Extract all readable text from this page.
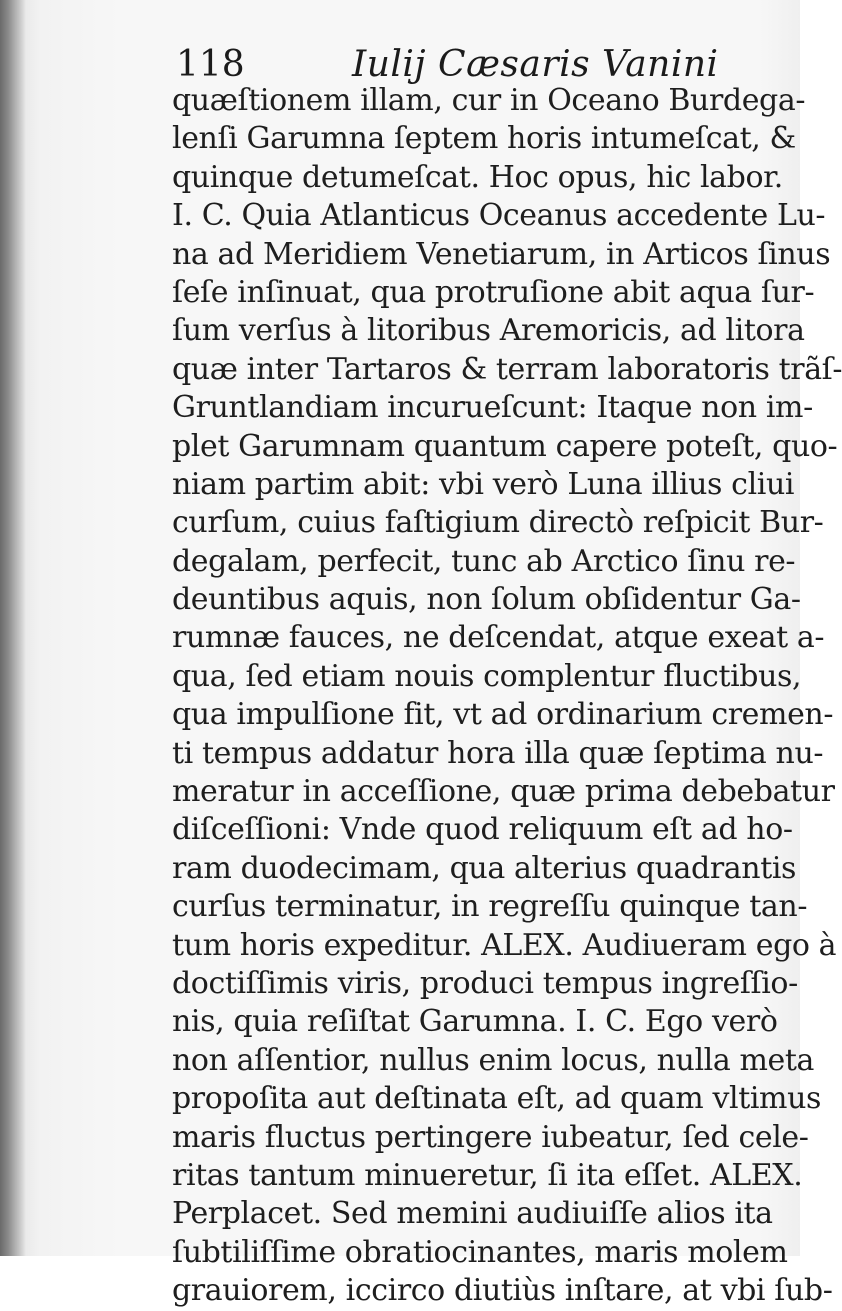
118	Iulij Cæsaris Vanini
quæſtionem illam, cur in Oceano Burdega-
lenſi Garumna ſeptem horis intumeſcat, &
quinque detumeſcat. Hoc opus, hic labor.
I. C. Quia Atlanticus Oceanus accedente Lu-
na ad Meridiem Venetiarum, in Articos ſinus
ſeſe inſinuat, qua protruſione abit aqua ſur-
ſum verſus à litoribus Aremoricis, ad litora
quæ inter Tartaros & terram laboratoris trãſ-
Gruntlandiam incurueſcunt: Itaque non im-
plet Garumnam quantum capere poteſt, quo-
niam partim abit: vbi verò Luna illius cliui
curſum, cuius faſtigium directò reſpicit Bur-
degalam, perfecit, tunc ab Arctico ſinu re-
deuntibus aquis, non ſolum obſidentur Ga-
rumnæ fauces, ne deſcendat, atque exeat a-
qua, ſed etiam nouis complentur fluctibus,
qua impulſione fit, vt ad ordinarium cremen-
ti tempus addatur hora illa quæ ſeptima nu-
meratur in acceſſione, quæ prima debebatur
diſceſſioni: Vnde quod reliquum eſt ad ho-
ram duodecimam, qua alterius quadrantis
curſus terminatur, in regreſſu quinque tan-
tum horis expeditur. ALEX. Audiueram ego à
doctiſſimis viris, produci tempus ingreſſio-
nis, quia reſiſtat Garumna. I. C. Ego verò
non aſſentior, nullus enim locus, nulla meta
propoſita aut deſtinata eſt, ad quam vltimus
maris fluctus pertingere iubeatur, ſed cele-
ritas tantum minueretur, ſi ita eſſet. ALEX.
Perplacet. Sed memini audiuiſſe alios ita
ſubtiliſſime obratiocinantes, maris molem
grauiorem, iccirco diutiùs inſtare, at vbi ſub-
